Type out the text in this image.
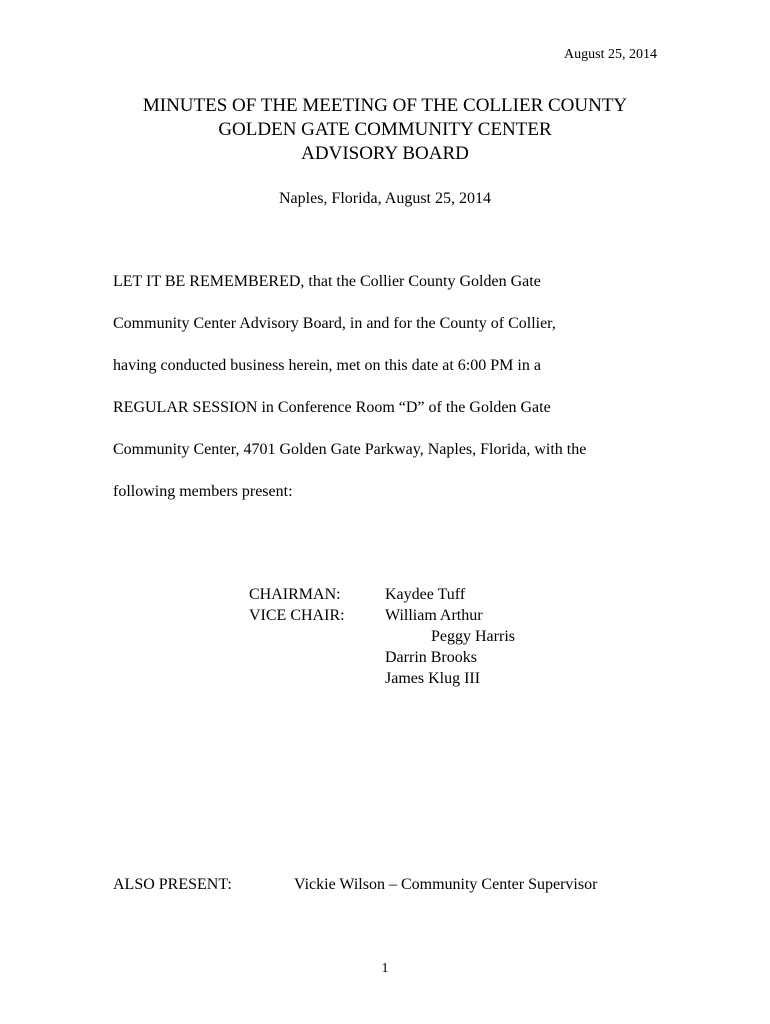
August 25, 2014
MINUTES OF THE MEETING OF THE COLLIER COUNTY
GOLDEN GATE COMMUNITY CENTER
ADVISORY BOARD
Naples, Florida, August 25, 2014
LET IT BE REMEMBERED, that the Collier County Golden Gate
Community Center Advisory Board, in and for the County of Collier,
having conducted business herein, met on this date at 6:00 PM in a
REGULAR SESSION in Conference Room “D” of the Golden Gate
Community Center, 4701 Golden Gate Parkway, Naples, Florida, with the
following members present:
CHAIRMAN:	Kaydee Tuff
VICE CHAIR:	William Arthur
Peggy Harris
Darrin Brooks
James Klug III
ALSO PRESENT:	Vickie Wilson – Community Center Supervisor
1
